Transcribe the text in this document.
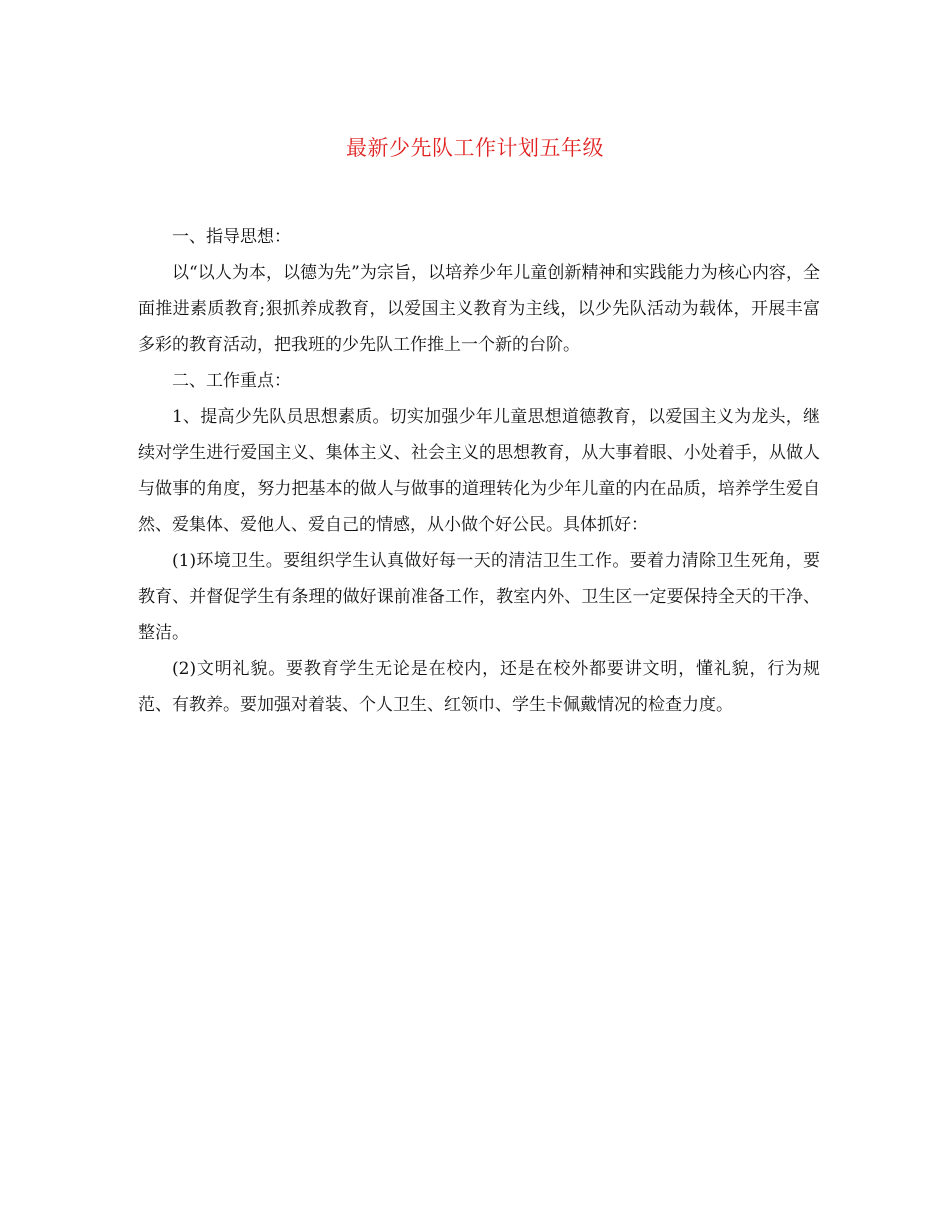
最新少先队工作计划五年级

一、指导思想：

以“以人为本，以德为先”为宗旨，以培养少年儿童创新精神和实践能力为核心内容，全面推进素质教育;狠抓养成教育，以爱国主义教育为主线，以少先队活动为载体，开展丰富多彩的教育活动，把我班的少先队工作推上一个新的台阶。

二、工作重点：

1、提高少先队员思想素质。切实加强少年儿童思想道德教育，以爱国主义为龙头，继续对学生进行爱国主义、集体主义、社会主义的思想教育，从大事着眼、小处着手，从做人与做事的角度，努力把基本的做人与做事的道理转化为少年儿童的内在品质，培养学生爱自然、爱集体、爱他人、爱自己的情感，从小做个好公民。具体抓好：

(1)环境卫生。要组织学生认真做好每一天的清洁卫生工作。要着力清除卫生死角，要教育、并督促学生有条理的做好课前准备工作，教室内外、卫生区一定要保持全天的干净、整洁。

(2)文明礼貌。要教育学生无论是在校内，还是在校外都要讲文明，懂礼貌，行为规范、有教养。要加强对着装、个人卫生、红领巾、学生卡佩戴情况的检查力度。
